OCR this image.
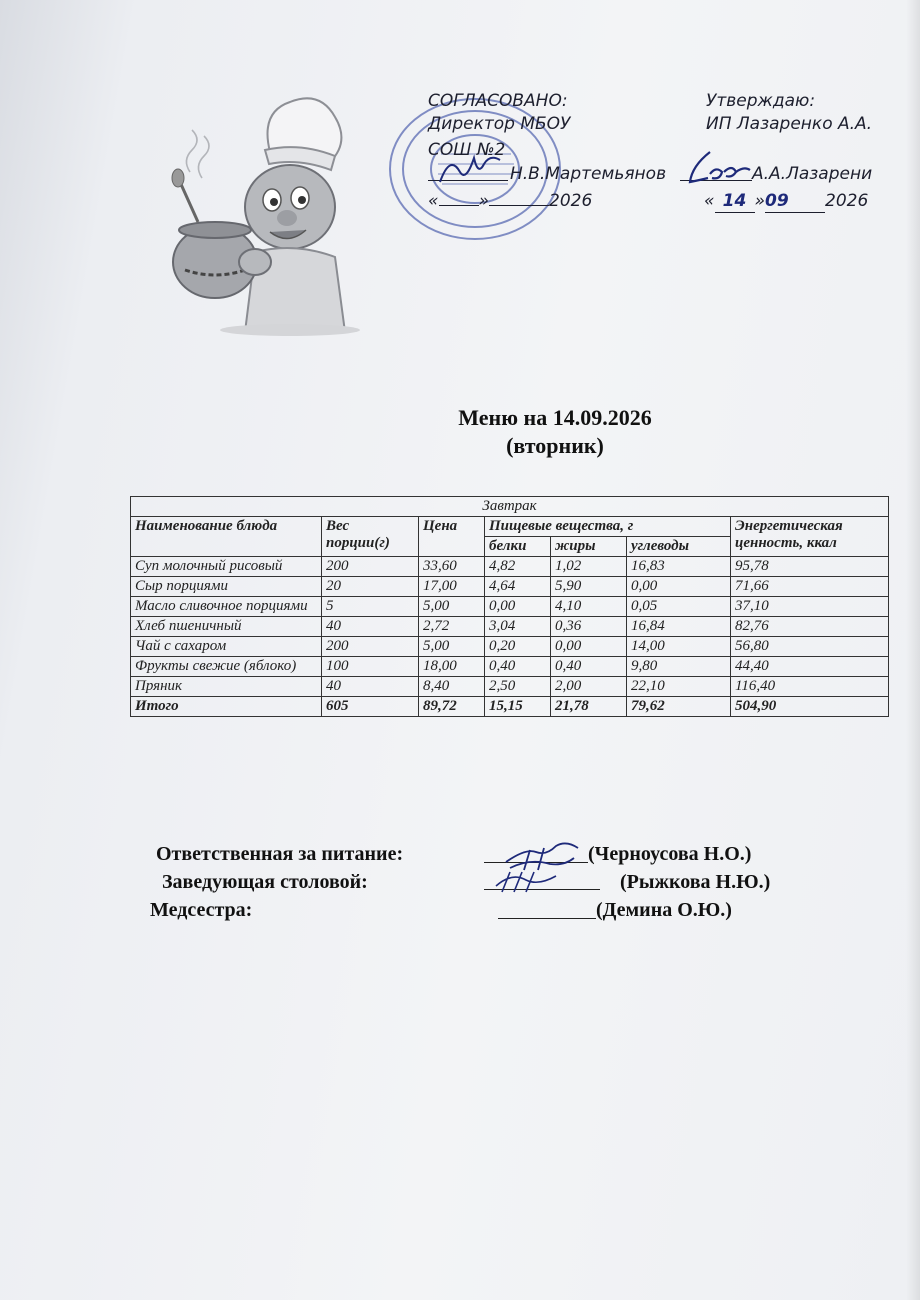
СОГЛАСОВАНО:
Директор МБОУ
СОШ №2
Н.В.Мартемьянов
« »	2026
Утверждаю:
ИП Лазаренко А.А.
А.А.Лазарени
« 14 »09 2026
Меню на 14.09.2026
(вторник)
Завтрак						
Наименование блюда	Вес порции(г)	Цена	Пищевые вещества, г			Энергетическая ценность, ккал
			белки	жиры	углеводы	
Суп молочный рисовый	200	33,60	4,82	1,02	16,83	95,78
Сыр порциями	20	17,00	4,64	5,90	0,00	71,66
Масло сливочное порциями	5	5,00	0,00	4,10	0,05	37,10
Хлеб пшеничный	40	2,72	3,04	0,36	16,84	82,76
Чай с сахаром	200	5,00	0,20	0,00	14,00	56,80
Фрукты свежие (яблоко)	100	18,00	0,40	0,40	9,80	44,40
Пряник	40	8,40	2,50	2,00	22,10	116,40
Итого	605	89,72	15,15	21,78	79,62	504,90
Ответственная за питание:	(Черноусова Н.О.)
Заведующая столовой:	(Рыжкова Н.Ю.)
Медсестра:	(Демина О.Ю.)
